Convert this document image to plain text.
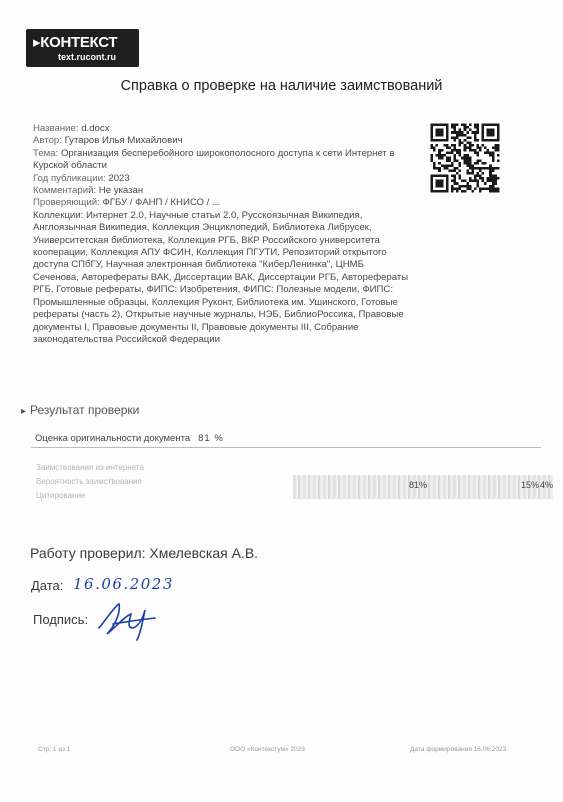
▸КОНТЕКСТ
text.rucont.ru
Справка о проверке на наличие заимствований
Название: d.docx
Автор: Гутаров Илья Михайлович
Тема: Организация бесперебойного широкополосного доступа к сети Интернет в Курской области
Год публикации: 2023
Комментарий: Не указан
Проверяющий: ФГБУ / ФАНП / КНИСО / ...
Коллекции: Интернет 2.0, Научные статьи 2.0, Русскоязычная Википедия, Англоязычная Википедия, Коллекция Энциклопедий, Библиотека Либрусек, Университетская библиотека, Коллекция РГБ, ВКР Российского университета кооперации, Коллекция АПУ ФСИН, Коллекция ПГУТИ, Репозиторий открытого доступа СПбГУ, Научная электронная библиотека "КиберЛенинка", ЦНМБ Сеченова, Авторефераты ВАК, Диссертации ВАК, Диссертации РГБ, Авторефераты РГБ, Готовые рефераты, ФИПС: Изобретения, ФИПС: Полезные модели, ФИПС: Промышленные образцы, Коллекция Руконт, Библиотека им. Ушинского, Готовые рефераты (часть 2), Открытые научные журналы, НЭБ, БиблиоРоссика, Правовые документы I, Правовые документы II, Правовые документы III, Собрание законодательства Российской Федерации
▸ Результат проверки
Оценка оригинальности документа 81 %
Заимствования из интернета
Вероятность заимствования
Цитирование
81%	15% 4%
Работу проверил: Хмелевская А.В.
Дата: 16.06.2023
Подпись:
Стр. 1 из 1	ООО «Контекстум» 2023	Дата формирования 16.06.2023
